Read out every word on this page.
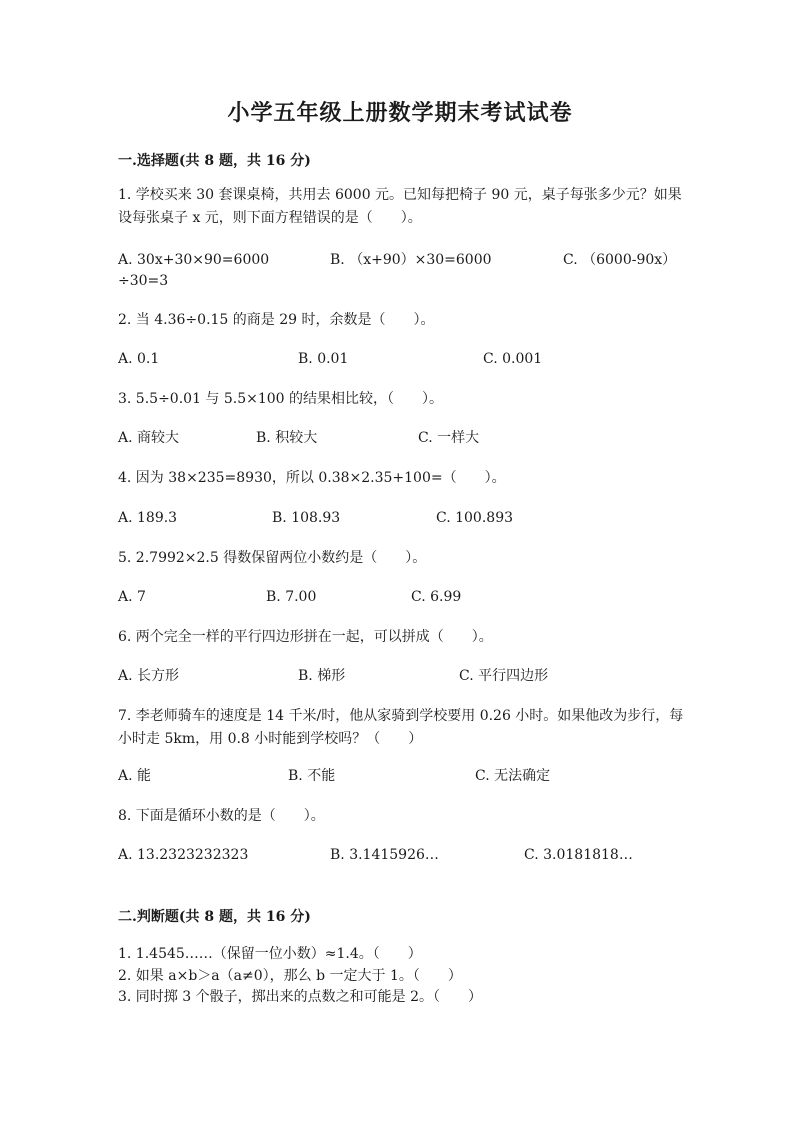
小学五年级上册数学期末考试试卷
一.选择题(共 8 题，共 16 分)
1. 学校买来 30 套课桌椅，共用去 6000 元。已知每把椅子 90 元，桌子每张多少元？如果设每张桌子 x 元，则下面方程错误的是（　　）。
A. 30x+30×90=6000	B. （x+90）×30=6000	C. （6000-90x）
÷30=3
2. 当 4.36÷0.15 的商是 29 时，余数是（　　）。
A. 0.1	B. 0.01	C. 0.001
3. 5.5÷0.01 与 5.5×100 的结果相比较，（　　）。
A. 商较大	B. 积较大	C. 一样大
4. 因为 38×235=8930，所以 0.38×2.35+100=（　　）。
A. 189.3	B. 108.93	C. 100.893
5. 2.7992×2.5 得数保留两位小数约是（　　）。
A. 7	B. 7.00	C. 6.99
6. 两个完全一样的平行四边形拼在一起，可以拼成（　　）。
A. 长方形	B. 梯形	C. 平行四边形
7. 李老师骑车的速度是 14 千米/时，他从家骑到学校要用 0.26 小时。如果他改为步行，每小时走 5km，用 0.8 小时能到学校吗？（　　）
A. 能	B. 不能	C. 无法确定
8. 下面是循环小数的是（　　）。
A. 13.2323232323	B. 3.1415926…	C. 3.0181818…
二.判断题(共 8 题，共 16 分)
1. 1.4545……（保留一位小数）≈1.4。（　　）
2. 如果 a×b＞a（a≠0），那么 b 一定大于 1。（　　）
3. 同时掷 3 个骰子，掷出来的点数之和可能是 2。（　　）
